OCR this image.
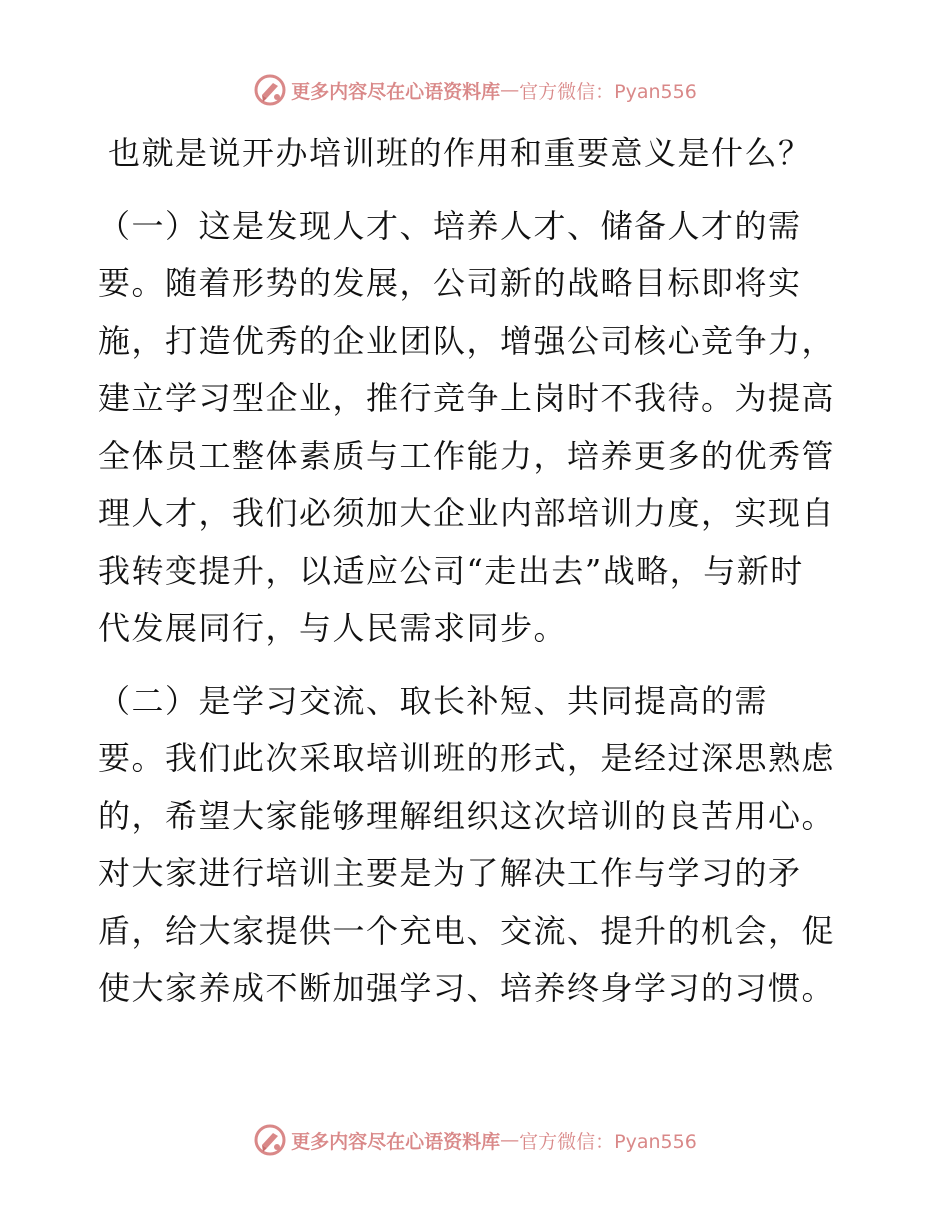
更多内容尽在心语资料库 — 官方微信：Pyan556

也就是说开办培训班的作用和重要意义是什么？

（一）这是发现人才、培养人才、储备人才的需

要。随着形势的发展，公司新的战略目标即将实

施，打造优秀的企业团队，增强公司核心竞争力，

建立学习型企业，推行竞争上岗时不我待。为提高

全体员工整体素质与工作能力，培养更多的优秀管

理人才，我们必须加大企业内部培训力度，实现自

我转变提升，以适应公司“走出去”战略，与新时

代发展同行，与人民需求同步。

（二）是学习交流、取长补短、共同提高的需

要。我们此次采取培训班的形式，是经过深思熟虑

的，希望大家能够理解组织这次培训的良苦用心。

对大家进行培训主要是为了解决工作与学习的矛

盾，给大家提供一个充电、交流、提升的机会，促

使大家养成不断加强学习、培养终身学习的习惯。

更多内容尽在心语资料库 — 官方微信：Pyan556
